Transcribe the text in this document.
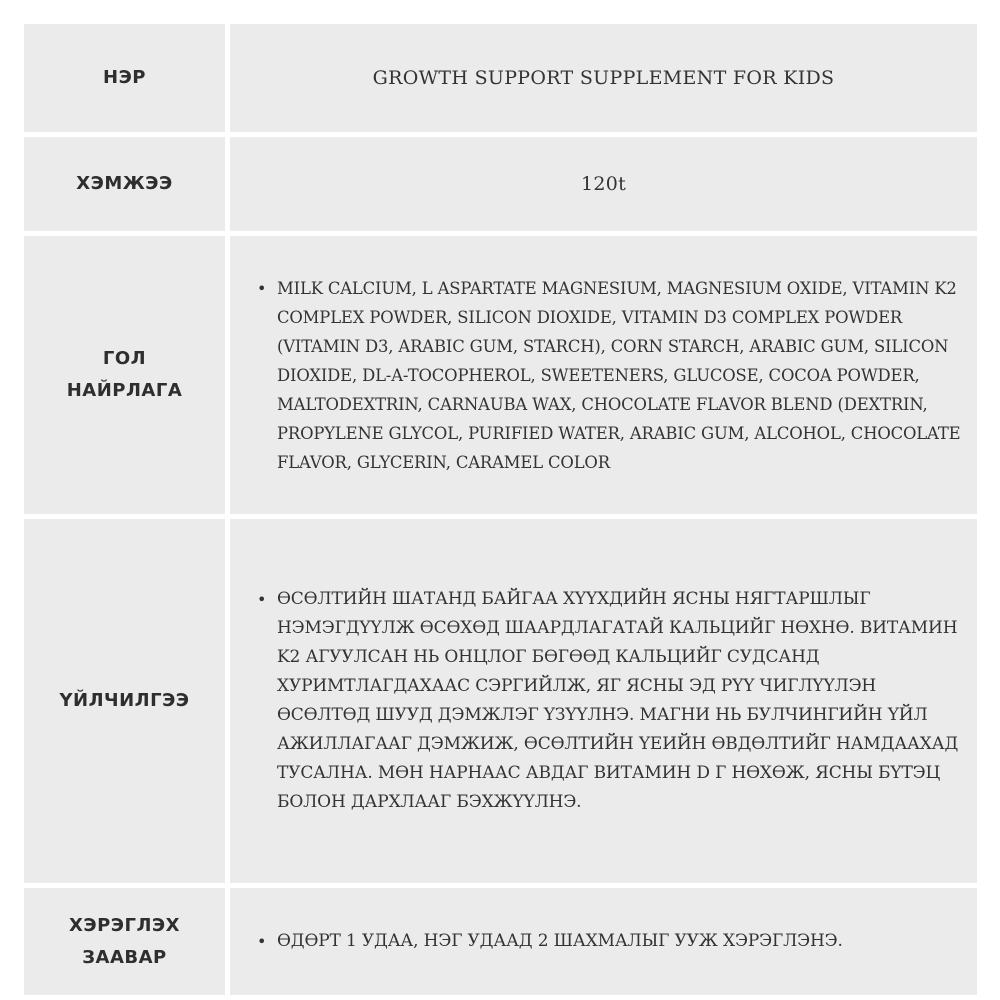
НЭР	GROWTH SUPPORT SUPPLEMENT FOR KIDS
ХЭМЖЭЭ	120t
ГОЛ
НАЙРЛАГА
• MILK CALCIUM, L ASPARTATE MAGNESIUM, MAGNESIUM OXIDE, VITAMIN K2 COMPLEX POWDER, SILICON DIOXIDE, VITAMIN D3 COMPLEX POWDER (VITAMIN D3, ARABIC GUM, STARCH), CORN STARCH, ARABIC GUM, SILICON DIOXIDE, DL-A-TOCOPHEROL, SWEETENERS, GLUCOSE, COCOA POWDER, MALTODEXTRIN, CARNAUBA WAX, CHOCOLATE FLAVOR BLEND (DEXTRIN, PROPYLENE GLYCOL, PURIFIED WATER, ARABIC GUM, ALCOHOL, CHOCOLATE FLAVOR, GLYCERIN, CARAMEL COLOR
ҮЙЛЧИЛГЭЭ
• ӨСӨЛТИЙН ШАТАНД БАЙГАА ХҮҮХДИЙН ЯСНЫ НЯГТАРШЛЫГ НЭМЭГДҮҮЛЖ ӨСӨХӨД ШААРДЛАГАТАЙ КАЛЬЦИЙГ НӨХНӨ. ВИТАМИН K2 АГУУЛСАН НЬ ОНЦЛОГ БӨГӨӨД КАЛЬЦИЙГ СУДСАНД ХУРИМТЛАГДАХААС СЭРГИЙЛЖ, ЯГ ЯСНЫ ЭД РҮҮ ЧИГЛҮҮЛЭН ӨСӨЛТӨД ШУУД ДЭМЖЛЭГ ҮЗҮҮЛНЭ. МАГНИ НЬ БУЛЧИНГИЙН ҮЙЛ АЖИЛЛАГААГ ДЭМЖИЖ, ӨСӨЛТИЙН ҮЕИЙН ӨВДӨЛТИЙГ НАМДААХАД ТУСАЛНА. МӨН НАРНААС АВДАГ ВИТАМИН D Г НӨХӨЖ, ЯСНЫ БҮТЭЦ БОЛОН ДАРХЛААГ БЭХЖҮҮЛНЭ.
ХЭРЭГЛЭХ
ЗААВАР
• ӨДӨРТ 1 УДАА, НЭГ УДААД 2 ШАХМАЛЫГ УУЖ ХЭРЭГЛЭНЭ.
